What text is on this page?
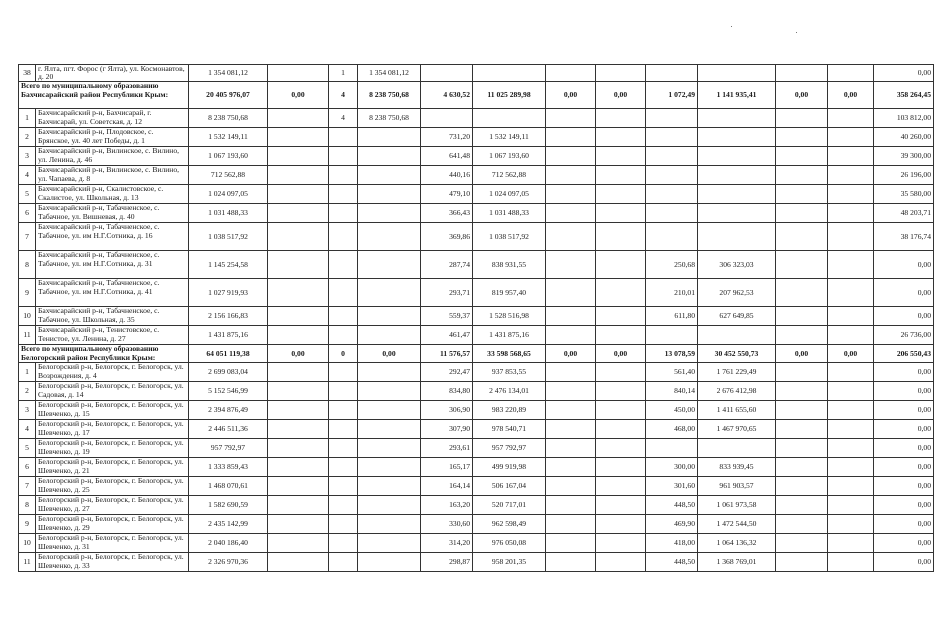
38	г. Ялта, пгт. Форос (г Ялта), ул. Космонавтов, д. 20	1 354 081,12		1	1 354 081,12									0,00
Всего по муниципальному образованию Бахчисарайский район Республики Крым:		20 405 976,07	0,00	4	8 238 750,68	4 630,52	11 025 289,98	0,00	0,00	1 072,49	1 141 935,41	0,00	0,00	358 264,45
1	Бахчисарайский р-н, Бахчисарай, г. Бахчисарай, ул. Советская, д. 12	8 238 750,68		4	8 238 750,68									103 812,00
2	Бахчисарайский р-н, Плодовское, с. Брянское, ул. 40 лет Победы, д. 1	1 532 149,11				731,20	1 532 149,11							40 260,00
3	Бахчисарайский р-н, Вилинское, с. Вилино, ул. Ленина, д. 46	1 067 193,60				641,48	1 067 193,60							39 300,00
4	Бахчисарайский р-н, Вилинское, с. Вилино, ул. Чапаева, д. 8	712 562,88				440,16	712 562,88							26 196,00
5	Бахчисарайский р-н, Скалистовское, с. Скалистое, ул. Школьная, д. 13	1 024 097,05				479,10	1 024 097,05							35 580,00
6	Бахчисарайский р-н, Табачненское, с. Табачное, ул. Вишневая, д. 40	1 031 488,33				366,43	1 031 488,33							48 203,71
7	Бахчисарайский р-н, Табачненское, с. Табачное, ул. им Н.Г.Сотника, д. 16	1 038 517,92				369,86	1 038 517,92							38 176,74
8	Бахчисарайский р-н, Табачненское, с. Табачное, ул. им Н.Г.Сотника, д. 31	1 145 254,58				287,74	838 931,55			250,68	306 323,03			0,00
9	Бахчисарайский р-н, Табачненское, с. Табачное, ул. им Н.Г.Сотника, д. 41	1 027 919,93				293,71	819 957,40			210,01	207 962,53			0,00
10	Бахчисарайский р-н, Табачненское, с. Табачное, ул. Школьная, д. 35	2 156 166,83				559,37	1 528 516,98			611,80	627 649,85			0,00
11	Бахчисарайский р-н, Тенистовское, с. Тенистое, ул. Ленина, д. 27	1 431 875,16				461,47	1 431 875,16							26 736,00
Всего по муниципальному образованию Белогорский район Республики Крым:		64 051 119,38	0,00	0	0,00	11 576,57	33 598 568,65	0,00	0,00	13 078,59	30 452 550,73	0,00	0,00	206 550,43
1	Белогорский р-н, Белогорск, г. Белогорск, ул. Возрождения, д. 4	2 699 083,04				292,47	937 853,55			561,40	1 761 229,49			0,00
2	Белогорский р-н, Белогорск, г. Белогорск, ул. Садовая, д. 14	5 152 546,99				834,80	2 476 134,01			840,14	2 676 412,98			0,00
3	Белогорский р-н, Белогорск, г. Белогорск, ул. Шевченко, д. 15	2 394 876,49				306,90	983 220,89			450,00	1 411 655,60			0,00
4	Белогорский р-н, Белогорск, г. Белогорск, ул. Шевченко, д. 17	2 446 511,36				307,90	978 540,71			468,00	1 467 970,65			0,00
5	Белогорский р-н, Белогорск, г. Белогорск, ул. Шевченко, д. 19	957 792,97				293,61	957 792,97							0,00
6	Белогорский р-н, Белогорск, г. Белогорск, ул. Шевченко, д. 21	1 333 859,43				165,17	499 919,98			300,00	833 939,45			0,00
7	Белогорский р-н, Белогорск, г. Белогорск, ул. Шевченко, д. 25	1 468 070,61				164,14	506 167,04			301,60	961 903,57			0,00
8	Белогорский р-н, Белогорск, г. Белогорск, ул. Шевченко, д. 27	1 582 690,59				163,20	520 717,01			448,50	1 061 973,58			0,00
9	Белогорский р-н, Белогорск, г. Белогорск, ул. Шевченко, д. 29	2 435 142,99				330,60	962 598,49			469,90	1 472 544,50			0,00
10	Белогорский р-н, Белогорск, г. Белогорск, ул. Шевченко, д. 31	2 040 186,40				314,20	976 050,08			418,00	1 064 136,32			0,00
11	Белогорский р-н, Белогорск, г. Белогорск, ул. Шевченко, д. 33	2 326 970,36				298,87	958 201,35			448,50	1 368 769,01			0,00
